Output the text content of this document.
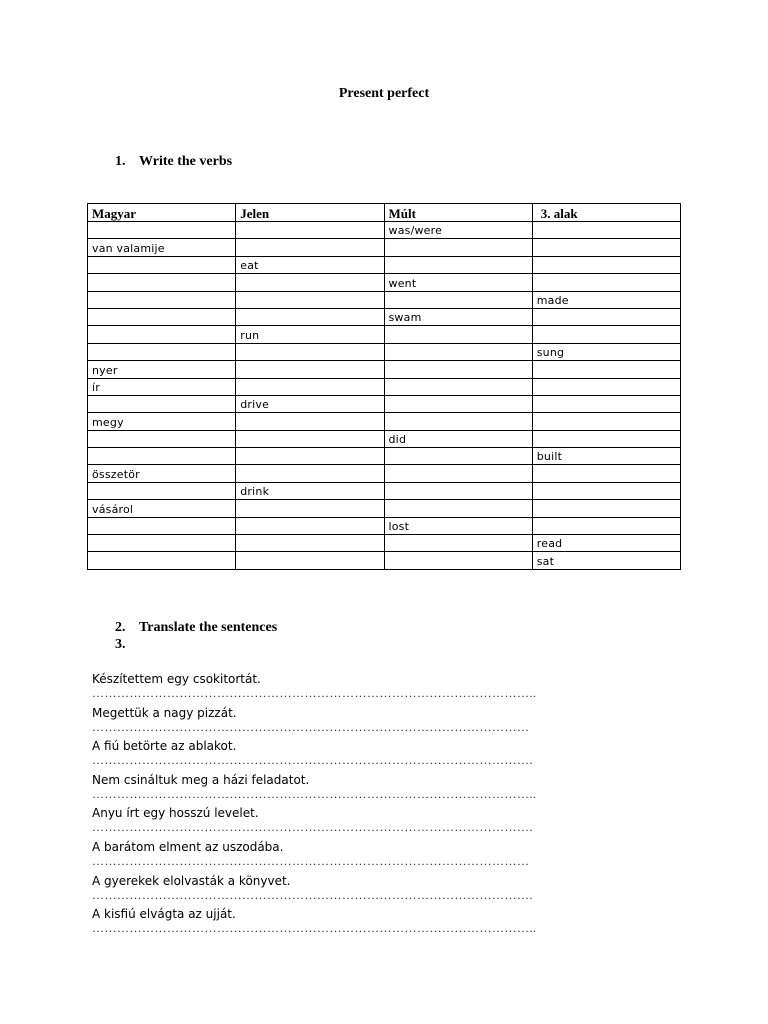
Present perfect
1. Write the verbs
Magyar	Jelen	Múlt	3. alak
		was/were	
van valamije			
	eat		
		went	
			made
		swam	
	run		
			sung
nyer			
ír			
	drive		
megy			
		did	
			built
összetör			
	drink		
vásárol			
		lost	
			read
			sat
2. Translate the sentences
3.
Készítettem egy csokitortát.
……………………………………………………………………………………………..
Megettük a nagy pizzát.
……………………………………………………………………………………………
A fiú betörte az ablakot.
…………………………………………………………………………………………….
Nem csináltuk meg a házi feladatot.
……………………………………………………………………………………………..
Anyu írt egy hosszú levelet.
…………………………………………………………………………………………….
A barátom elment az uszodába.
……………………………………………………………………………………………
A gyerekek elolvasták a könyvet.
…………………………………………………………………………………………….
A kisfiú elvágta az ujját.
……………………………………………………………………………………………..
